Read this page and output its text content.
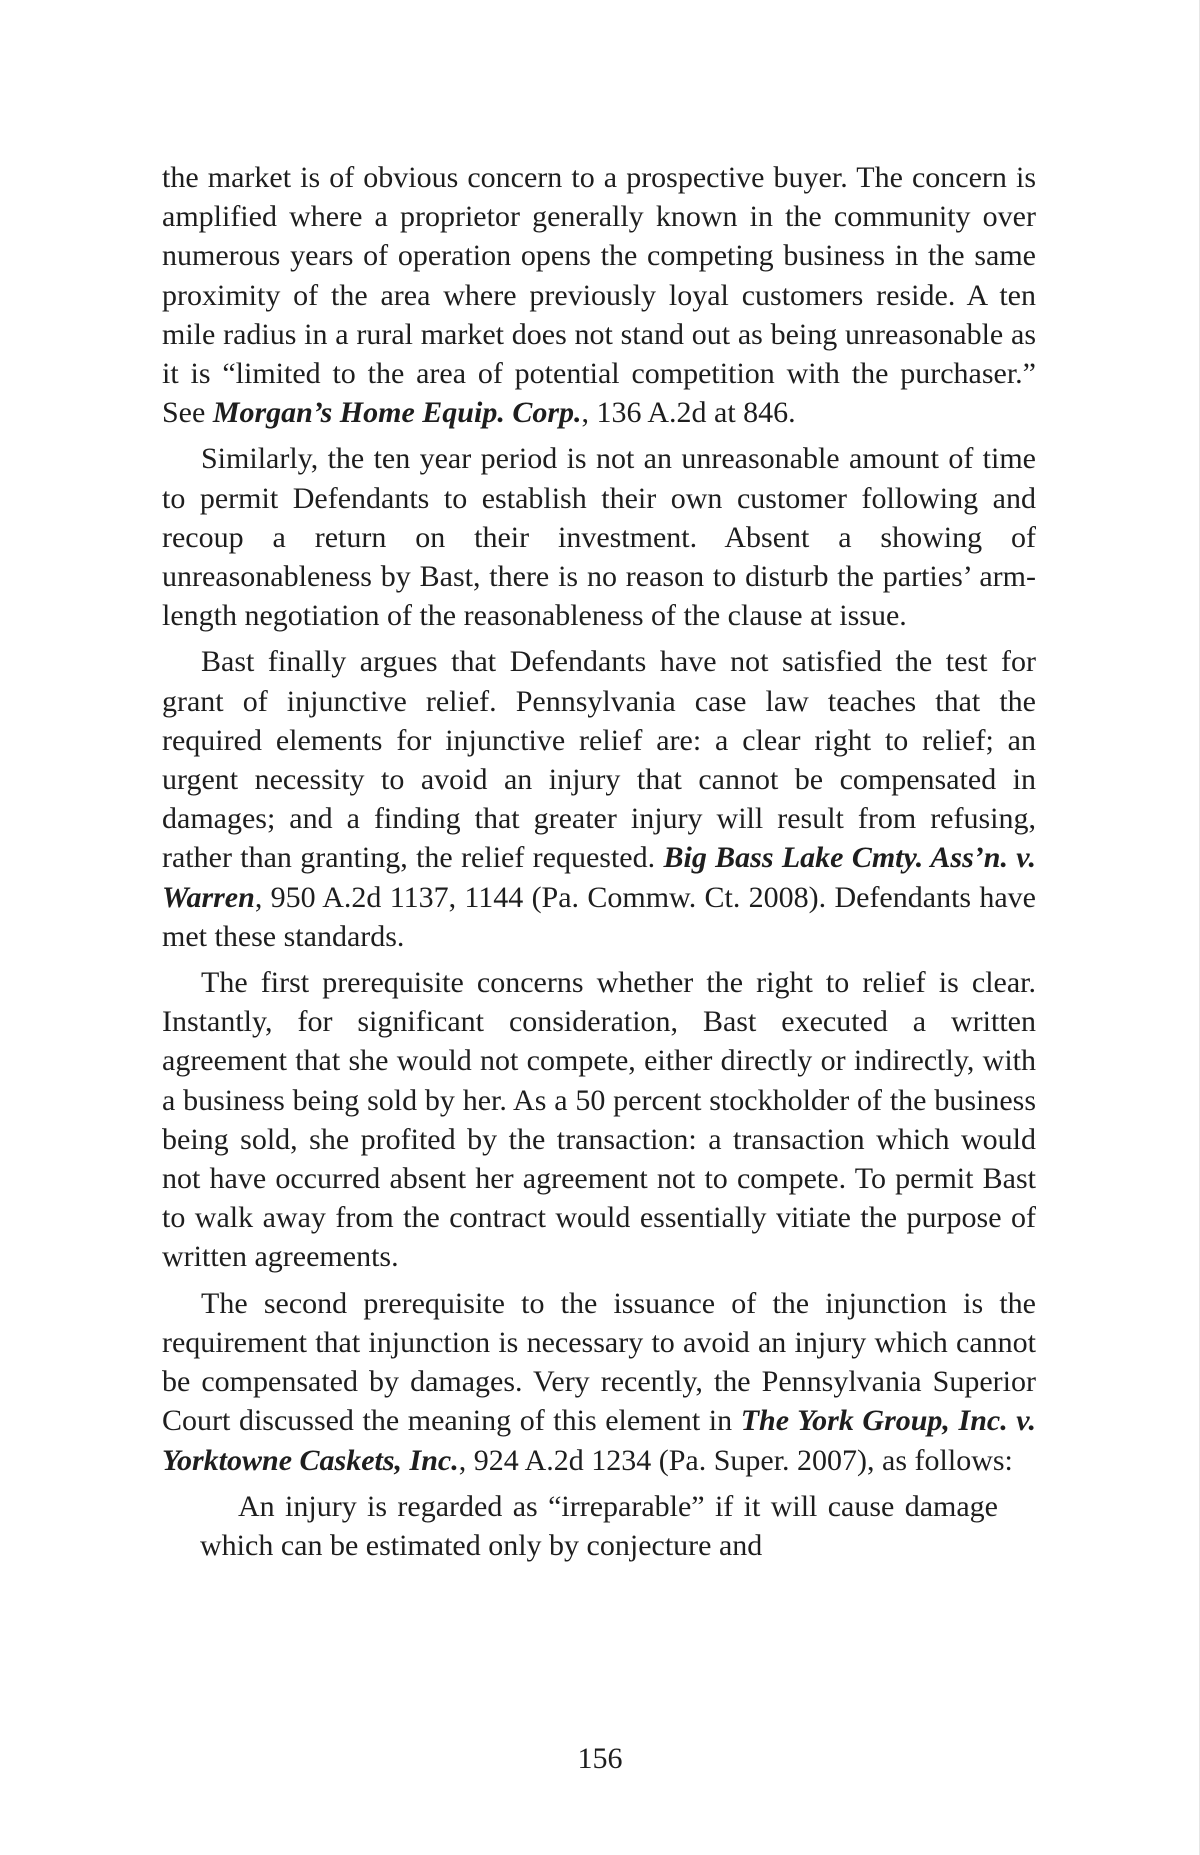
the market is of obvious concern to a prospective buyer. The concern is amplified where a proprietor generally known in the community over numerous years of operation opens the competing business in the same proximity of the area where previously loyal customers reside. A ten mile radius in a rural market does not stand out as being unreasonable as it is “limited to the area of potential competition with the purchaser.” See Morgan’s Home Equip. Corp., 136 A.2d at 846.

Similarly, the ten year period is not an unreasonable amount of time to permit Defendants to establish their own customer following and recoup a return on their investment. Absent a showing of unreasonableness by Bast, there is no reason to disturb the parties’ arm-length negotiation of the reasonableness of the clause at issue.

Bast finally argues that Defendants have not satisfied the test for grant of injunctive relief. Pennsylvania case law teaches that the required elements for injunctive relief are: a clear right to relief; an urgent necessity to avoid an injury that cannot be compensated in damages; and a finding that greater injury will result from refusing, rather than granting, the relief requested. Big Bass Lake Cmty. Ass’n. v. Warren, 950 A.2d 1137, 1144 (Pa. Commw. Ct. 2008). Defendants have met these standards.

The first prerequisite concerns whether the right to relief is clear. Instantly, for significant consideration, Bast executed a written agreement that she would not compete, either directly or indirectly, with a business being sold by her. As a 50 percent stockholder of the business being sold, she profited by the transaction: a transaction which would not have occurred absent her agreement not to compete. To permit Bast to walk away from the contract would essentially vitiate the purpose of written agreements.

The second prerequisite to the issuance of the injunction is the requirement that injunction is necessary to avoid an injury which cannot be compensated by damages. Very recently, the Pennsylvania Superior Court discussed the meaning of this element in The York Group, Inc. v. Yorktowne Caskets, Inc., 924 A.2d 1234 (Pa. Super. 2007), as follows:

An injury is regarded as “irreparable” if it will cause damage which can be estimated only by conjecture and

156
